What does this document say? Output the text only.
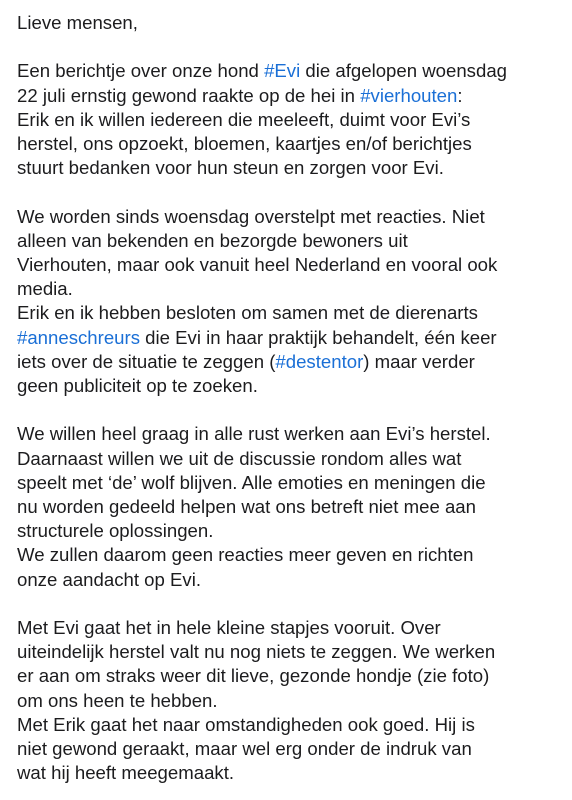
Lieve mensen,
Een berichtje over onze hond #Evi die afgelopen woensdag
22 juli ernstig gewond raakte op de hei in #vierhouten:
Erik en ik willen iedereen die meeleeft, duimt voor Evi’s
herstel, ons opzoekt, bloemen, kaartjes en/of berichtjes
stuurt bedanken voor hun steun en zorgen voor Evi.
We worden sinds woensdag overstelpt met reacties. Niet
alleen van bekenden en bezorgde bewoners uit
Vierhouten, maar ook vanuit heel Nederland en vooral ook
media.
Erik en ik hebben besloten om samen met de dierenarts
#anneschreurs die Evi in haar praktijk behandelt, één keer
iets over de situatie te zeggen (#destentor) maar verder
geen publiciteit op te zoeken.
We willen heel graag in alle rust werken aan Evi’s herstel.
Daarnaast willen we uit de discussie rondom alles wat
speelt met ‘de’ wolf blijven. Alle emoties en meningen die
nu worden gedeeld helpen wat ons betreft niet mee aan
structurele oplossingen.
We zullen daarom geen reacties meer geven en richten
onze aandacht op Evi.
Met Evi gaat het in hele kleine stapjes vooruit. Over
uiteindelijk herstel valt nu nog niets te zeggen. We werken
er aan om straks weer dit lieve, gezonde hondje (zie foto)
om ons heen te hebben.
Met Erik gaat het naar omstandigheden ook goed. Hij is
niet gewond geraakt, maar wel erg onder de indruk van
wat hij heeft meegemaakt.
